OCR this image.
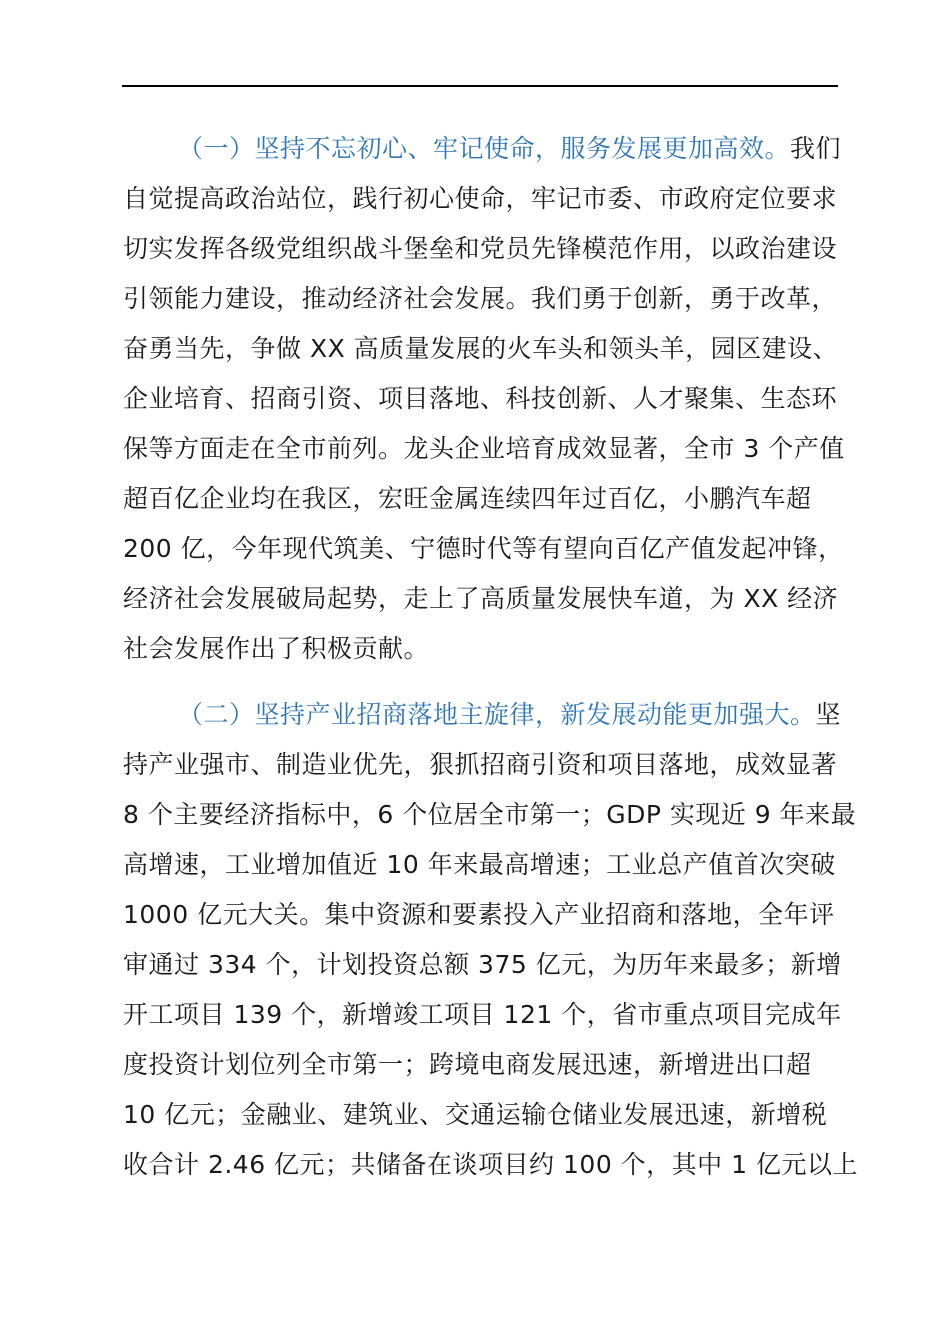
（一）坚持不忘初心、牢记使命，服务发展更加高效。我们
自觉提高政治站位，践行初心使命，牢记市委、市政府定位要求
切实发挥各级党组织战斗堡垒和党员先锋模范作用，以政治建设
引领能力建设，推动经济社会发展。我们勇于创新，勇于改革，
奋勇当先，争做 XX 高质量发展的火车头和领头羊，园区建设、
企业培育、招商引资、项目落地、科技创新、人才聚集、生态环
保等方面走在全市前列。龙头企业培育成效显著，全市 3 个产值
超百亿企业均在我区，宏旺金属连续四年过百亿，小鹏汽车超
200 亿，今年现代筑美、宁德时代等有望向百亿产值发起冲锋，
经济社会发展破局起势，走上了高质量发展快车道，为 XX 经济
社会发展作出了积极贡献。
（二）坚持产业招商落地主旋律，新发展动能更加强大。坚
持产业强市、制造业优先，狠抓招商引资和项目落地，成效显著
8 个主要经济指标中，6 个位居全市第一；GDP 实现近 9 年来最
高增速，工业增加值近 10 年来最高增速；工业总产值首次突破
1000 亿元大关。集中资源和要素投入产业招商和落地，全年评
审通过 334 个，计划投资总额 375 亿元，为历年来最多；新增
开工项目 139 个，新增竣工项目 121 个，省市重点项目完成年
度投资计划位列全市第一；跨境电商发展迅速，新增进出口超
10 亿元；金融业、建筑业、交通运输仓储业发展迅速，新增税
收合计 2.46 亿元；共储备在谈项目约 100 个，其中 1 亿元以上
